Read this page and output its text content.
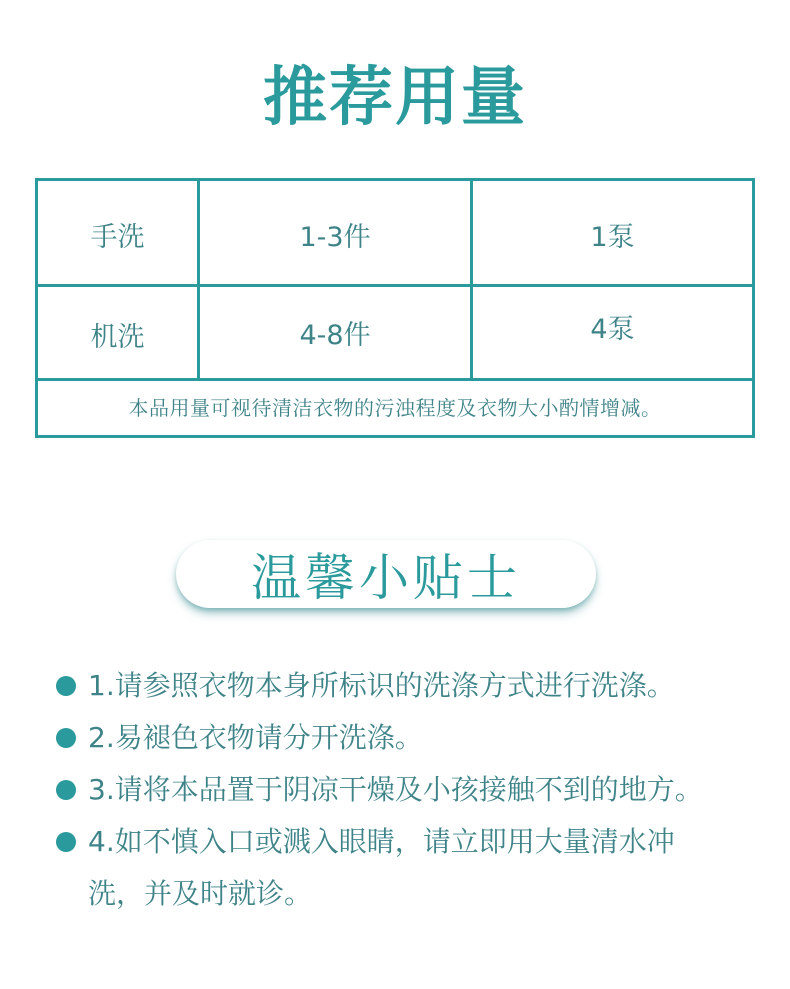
推荐用量
手洗	1-3件	1泵
机洗	4-8件	4泵
本品用量可视待清洁衣物的污浊程度及衣物大小酌情增减。
温馨小贴士
1.请参照衣物本身所标识的洗涤方式进行洗涤。
2.易褪色衣物请分开洗涤。
3.请将本品置于阴凉干燥及小孩接触不到的地方。
4.如不慎入口或溅入眼睛，请立即用大量清水冲
洗，并及时就诊。
